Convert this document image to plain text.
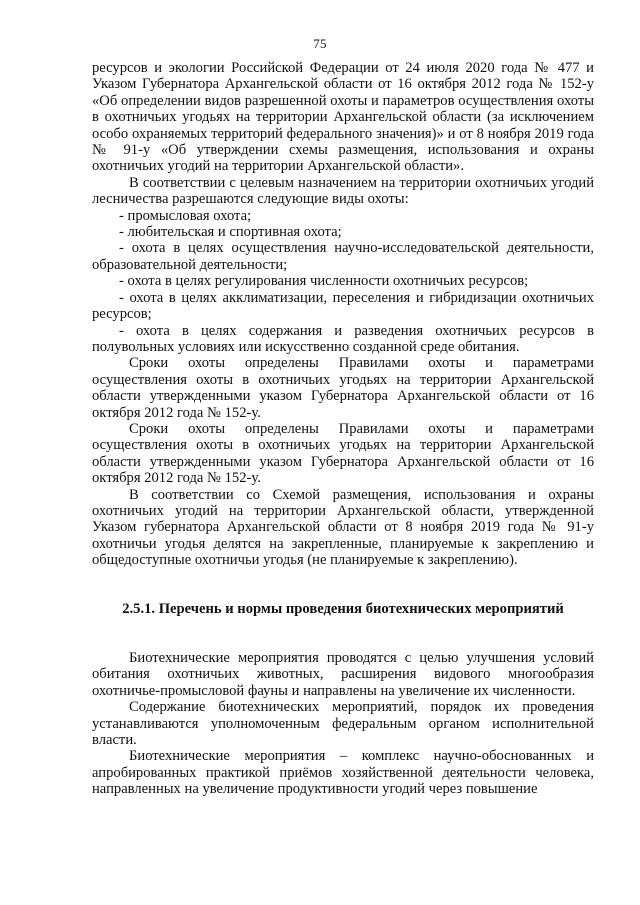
75

ресурсов и экологии Российской Федерации от 24 июля 2020 года № 477 и Указом Губернатора Архангельской области от 16 октября 2012 года № 152-у «Об определении видов разрешенной охоты и параметров осуществления охоты в охотничьих угодьях на территории Архангельской области (за исключением особо охраняемых территорий федерального значения)» и от 8 ноября 2019 года № 91-у «Об утверждении схемы размещения, использования и охраны охотничьих угодий на территории Архангельской области».

В соответствии с целевым назначением на территории охотничьих угодий лесничества разрешаются следующие виды охоты:

- промысловая охота;

- любительская и спортивная охота;

- охота в целях осуществления научно-исследовательской деятельности, образовательной деятельности;

- охота в целях регулирования численности охотничьих ресурсов;

- охота в целях акклиматизации, переселения и гибридизации охотничьих ресурсов;

- охота в целях содержания и разведения охотничьих ресурсов в полувольных условиях или искусственно созданной среде обитания.

Сроки охоты определены Правилами охоты и параметрами осуществления охоты в охотничьих угодьях на территории Архангельской области утвержденными указом Губернатора Архангельской области от 16 октября 2012 года № 152-у.

Сроки охоты определены Правилами охоты и параметрами осуществления охоты в охотничьих угодьях на территории Архангельской области утвержденными указом Губернатора Архангельской области от 16 октября 2012 года № 152-у.

В соответствии со Схемой размещения, использования и охраны охотничьих угодий на территории Архангельской области, утвержденной Указом губернатора Архангельской области от 8 ноября 2019 года № 91-у охотничьи угодья делятся на закрепленные, планируемые к закреплению и общедоступные охотничьи угодья (не планируемые к закреплению).

2.5.1. Перечень и нормы проведения биотехнических мероприятий

Биотехнические мероприятия проводятся с целью улучшения условий обитания охотничьих животных, расширения видового многообразия охотничье-промысловой фауны и направлены на увеличение их численности.

Содержание биотехнических мероприятий, порядок их проведения устанавливаются уполномоченным федеральным органом исполнительной власти.

Биотехнические мероприятия – комплекс научно-обоснованных и апробированных практикой приёмов хозяйственной деятельности человека, направленных на увеличение продуктивности угодий через повышение
